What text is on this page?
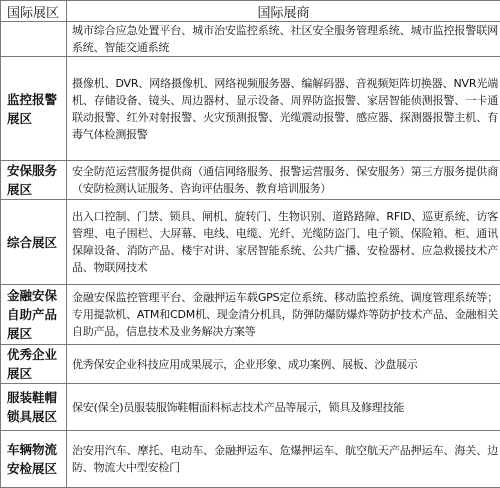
国际展区	国际展商
	城市综合应急处置平台、城市治安监控系统、社区安全服务管理系统、城市监控报警联网系统、智能交通系统
监控报警展区	摄像机、DVR、网络摄像机、网络视频服务器、编解码器、音视频矩阵切换器、NVR光端机、存储设备、镜头、周边器材、显示设备、周界防盗报警、家居智能侦测报警、一卡通联动报警、红外对射报警、火灾预测报警、光缆震动报警、感应器、探测器报警主机、有毒气体检测报警
安保服务展区	安全防范运营服务提供商（通信网络服务、报警运营服务、保安服务）第三方服务提供商（安防检测认证服务、咨询评估服务、教育培训服务）
综合展区	出入口控制、门禁、锁具、闸机、旋转门、生物识别、道路路障、RFID、巡更系统、访客管理、电子围栏、大屏幕、电线、电缆、光纤、光缆防盗门、电子锁、保险箱、柜、通讯保障设备、消防产品、楼宇对讲、家居智能系统、公共广播、安检器材、应急救援技术产品、物联网技术
金融安保自助产品展区	金融安保监控管理平台、金融押运车载GPS定位系统、移动监控系统、调度管理系统等；专用提款机、ATM和CDM机、现金清分机具，防弹防爆防爆炸等防护技术产品、金融相关自助产品，信息技术及业务解决方案等
优秀企业展区	优秀保安企业科技应用成果展示，企业形象、成功案例、展板、沙盘展示
服装鞋帽锁具展区	保安(保全)员服装服饰鞋帽面料标志技术产品等展示，锁具及修理技能
车辆物流安检展区	治安用汽车、摩托、电动车、金融押运车、危爆押运车、航空航天产品押运车、海关、边防、物流大中型安检门
